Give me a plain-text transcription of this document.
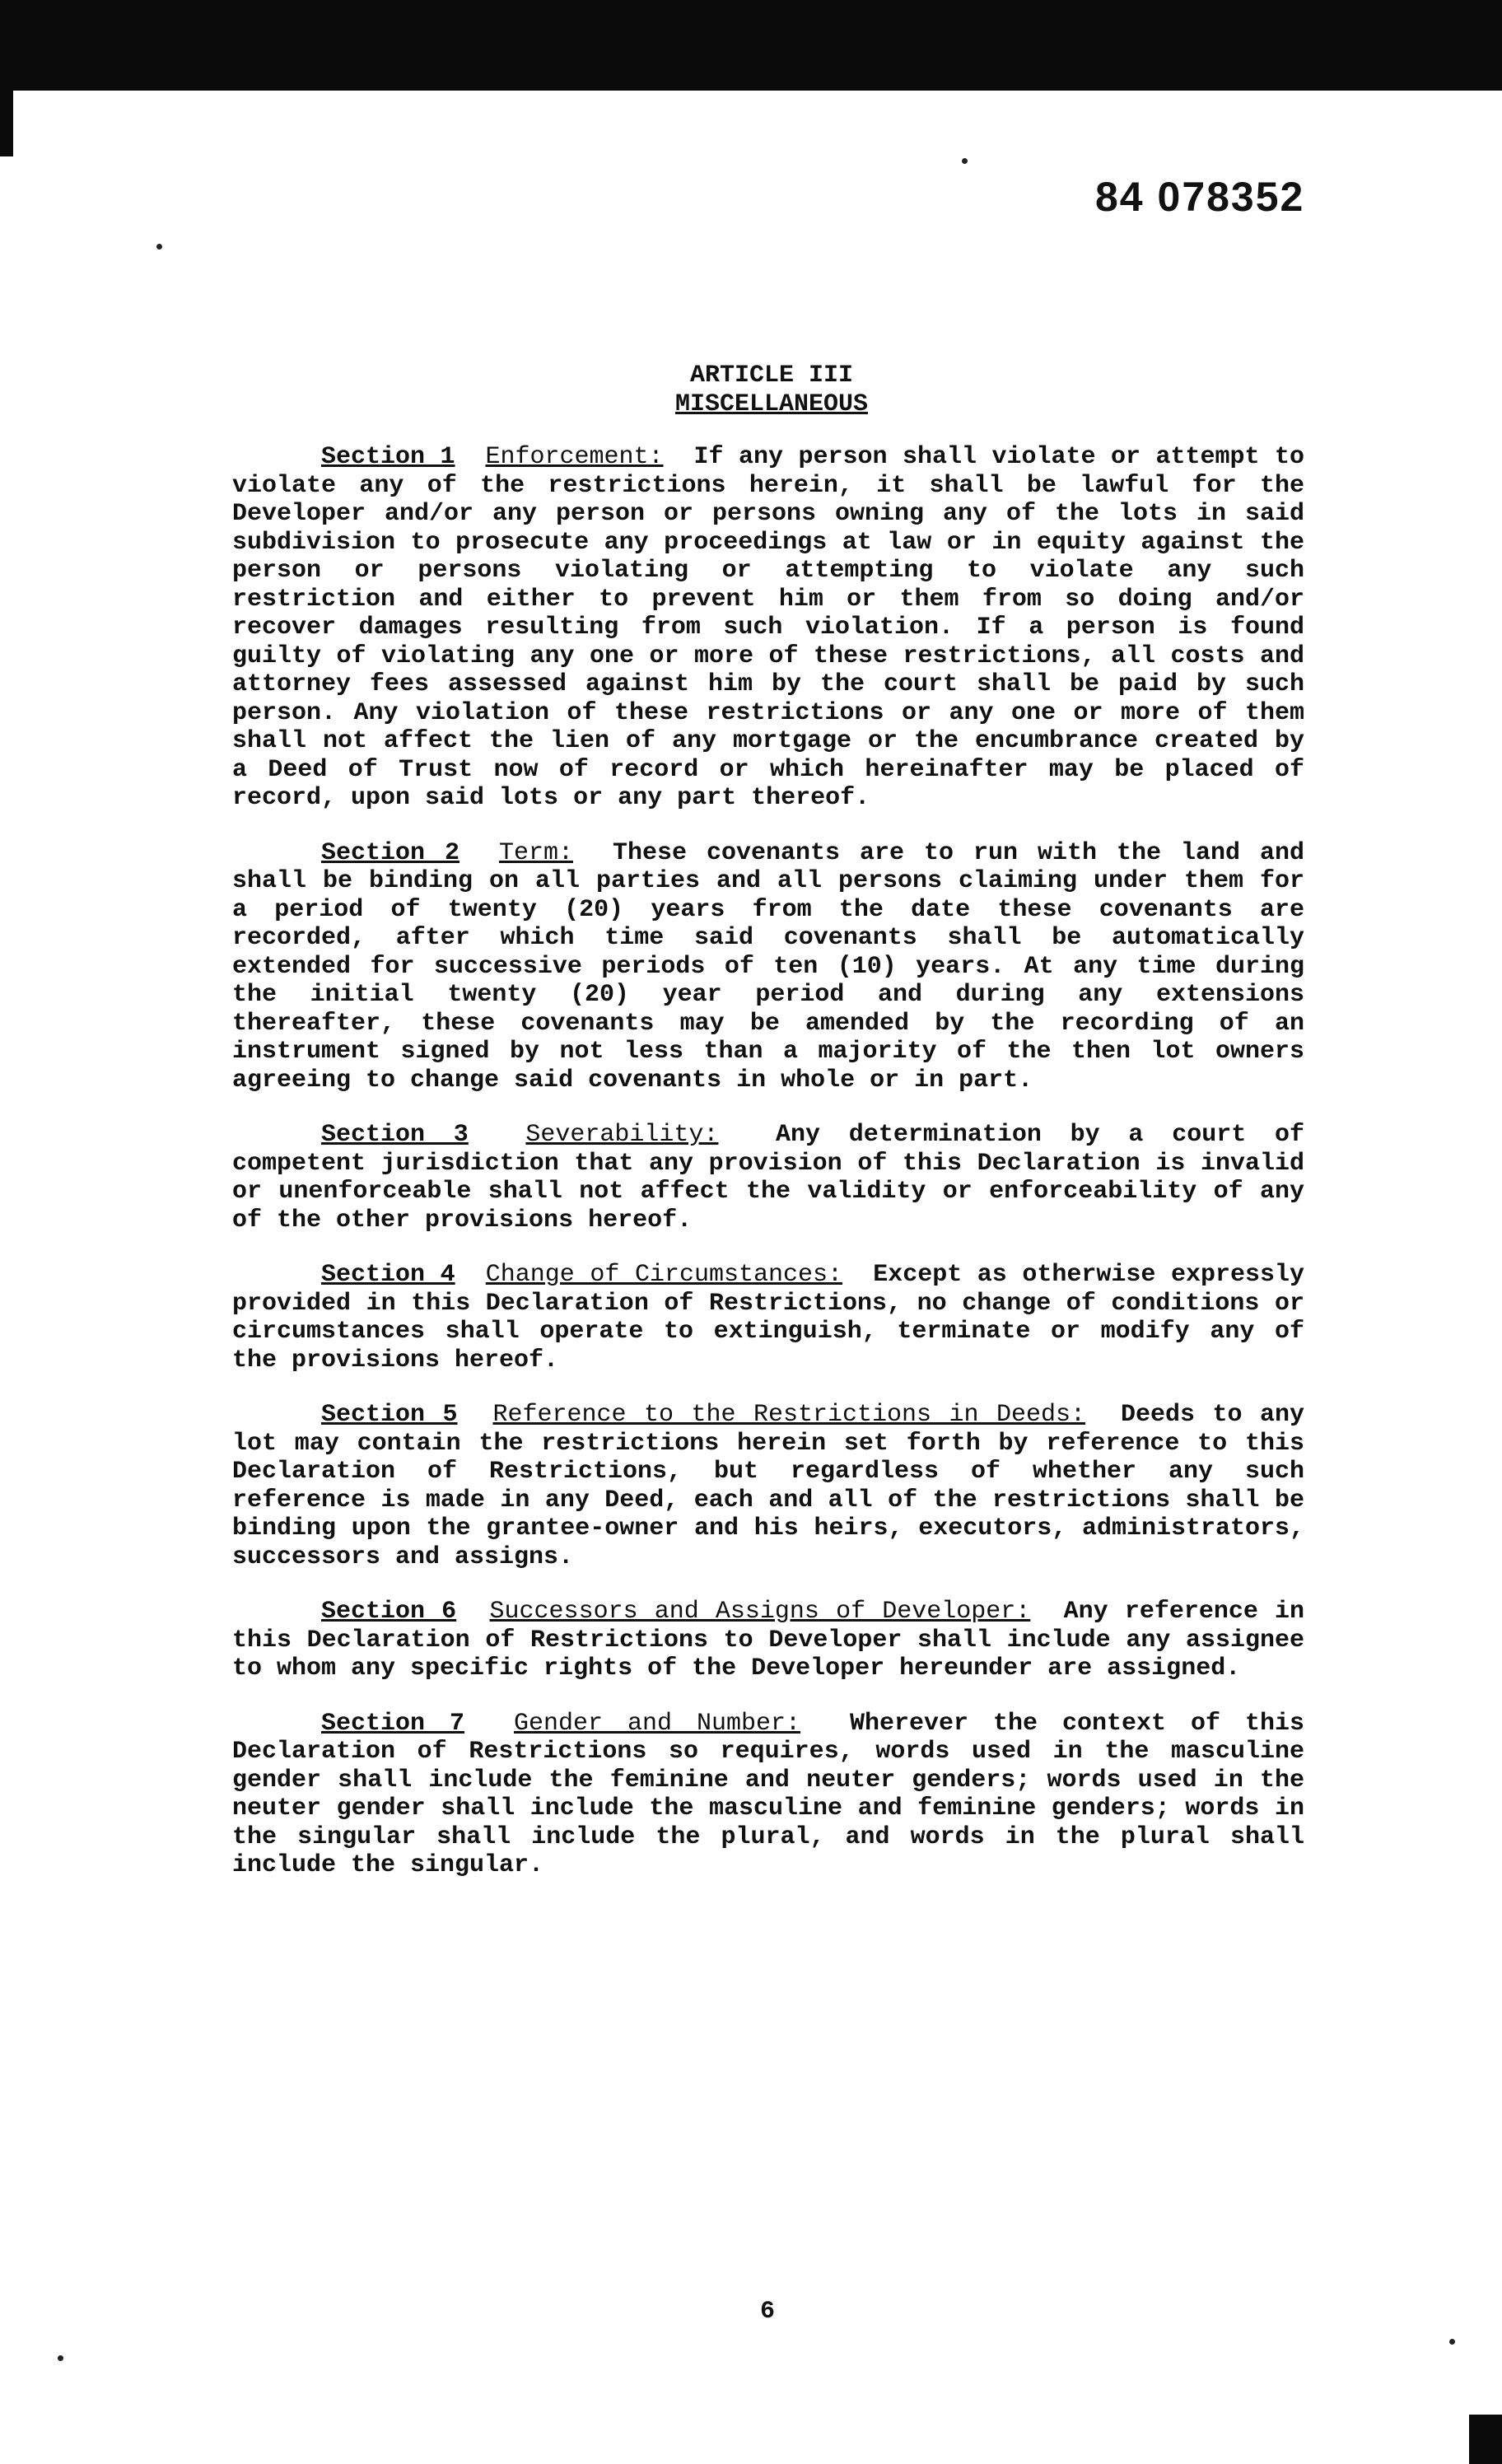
84 078352
ARTICLE III
MISCELLANEOUS

Section 1 Enforcement: If any person shall violate or attempt to violate any of the restrictions herein, it shall be lawful for the Developer and/or any person or persons owning any of the lots in said subdivision to prosecute any proceedings at law or in equity against the person or persons violating or attempting to violate any such restriction and either to prevent him or them from so doing and/or recover damages resulting from such violation. If a person is found guilty of violating any one or more of these restrictions, all costs and attorney fees assessed against him by the court shall be paid by such person. Any violation of these restrictions or any one or more of them shall not affect the lien of any mortgage or the encumbrance created by a Deed of Trust now of record or which hereinafter may be placed of record, upon said lots or any part thereof.

Section 2 Term: These covenants are to run with the land and shall be binding on all parties and all persons claiming under them for a period of twenty (20) years from the date these covenants are recorded, after which time said covenants shall be automatically extended for successive periods of ten (10) years. At any time during the initial twenty (20) year period and during any extensions thereafter, these covenants may be amended by the recording of an instrument signed by not less than a majority of the then lot owners agreeing to change said covenants in whole or in part.

Section 3 Severability: Any determination by a court of competent jurisdiction that any provision of this Declaration is invalid or unenforceable shall not affect the validity or enforceability of any of the other provisions hereof.

Section 4 Change of Circumstances: Except as otherwise expressly provided in this Declaration of Restrictions, no change of conditions or circumstances shall operate to extinguish, terminate or modify any of the provisions hereof.

Section 5 Reference to the Restrictions in Deeds: Deeds to any lot may contain the restrictions herein set forth by reference to this Declaration of Restrictions, but regardless of whether any such reference is made in any Deed, each and all of the restrictions shall be binding upon the grantee-owner and his heirs, executors, administrators, successors and assigns.

Section 6 Successors and Assigns of Developer: Any reference in this Declaration of Restrictions to Developer shall include any assignee to whom any specific rights of the Developer hereunder are assigned.

Section 7 Gender and Number: Wherever the context of this Declaration of Restrictions so requires, words used in the masculine gender shall include the feminine and neuter genders; words used in the neuter gender shall include the masculine and feminine genders; words in the singular shall include the plural, and words in the plural shall include the singular.

6
